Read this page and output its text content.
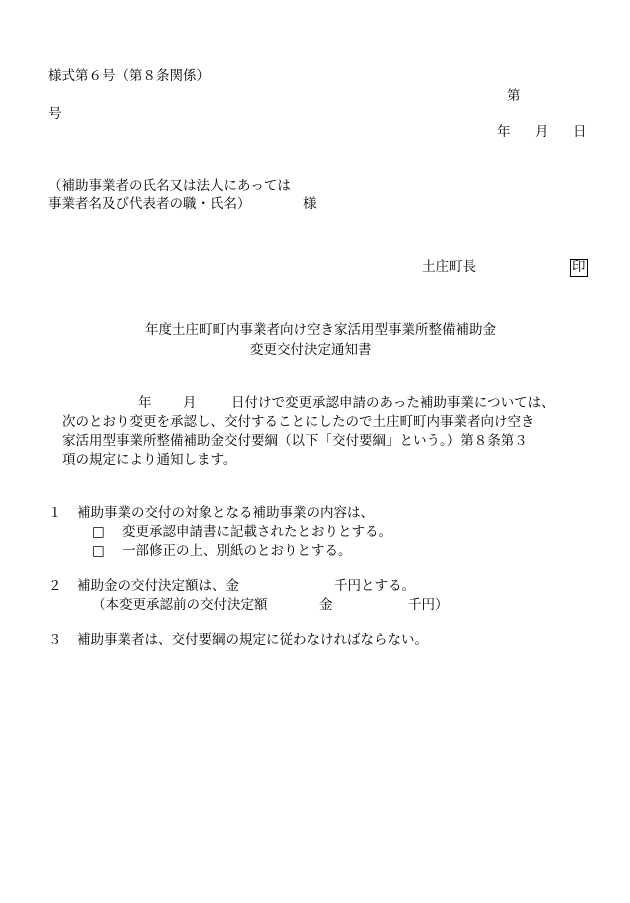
様式第６号（第８条関係）
第
号
年 月 日
（補助事業者の氏名又は法人にあっては
事業者名及び代表者の職・氏名）	様
土庄町長	印
年度土庄町町内事業者向け空き家活用型事業所整備補助金
変更交付決定通知書
年 月	日付けで変更承認申請のあった補助事業については、
次のとおり変更を承認し、交付することにしたので土庄町町内事業者向け空き
家活用型事業所整備補助金交付要綱（以下「交付要綱」という。）第８条第３
項の規定により通知します。
１ 補助事業の交付の対象となる補助事業の内容は、
□ 変更承認申請書に記載されたとおりとする。
□ 一部修正の上、別紙のとおりとする。
２ 補助金の交付決定額は、金	千円とする。
（本変更承認前の交付決定額	金	千円）
３ 補助事業者は、交付要綱の規定に従わなければならない。
